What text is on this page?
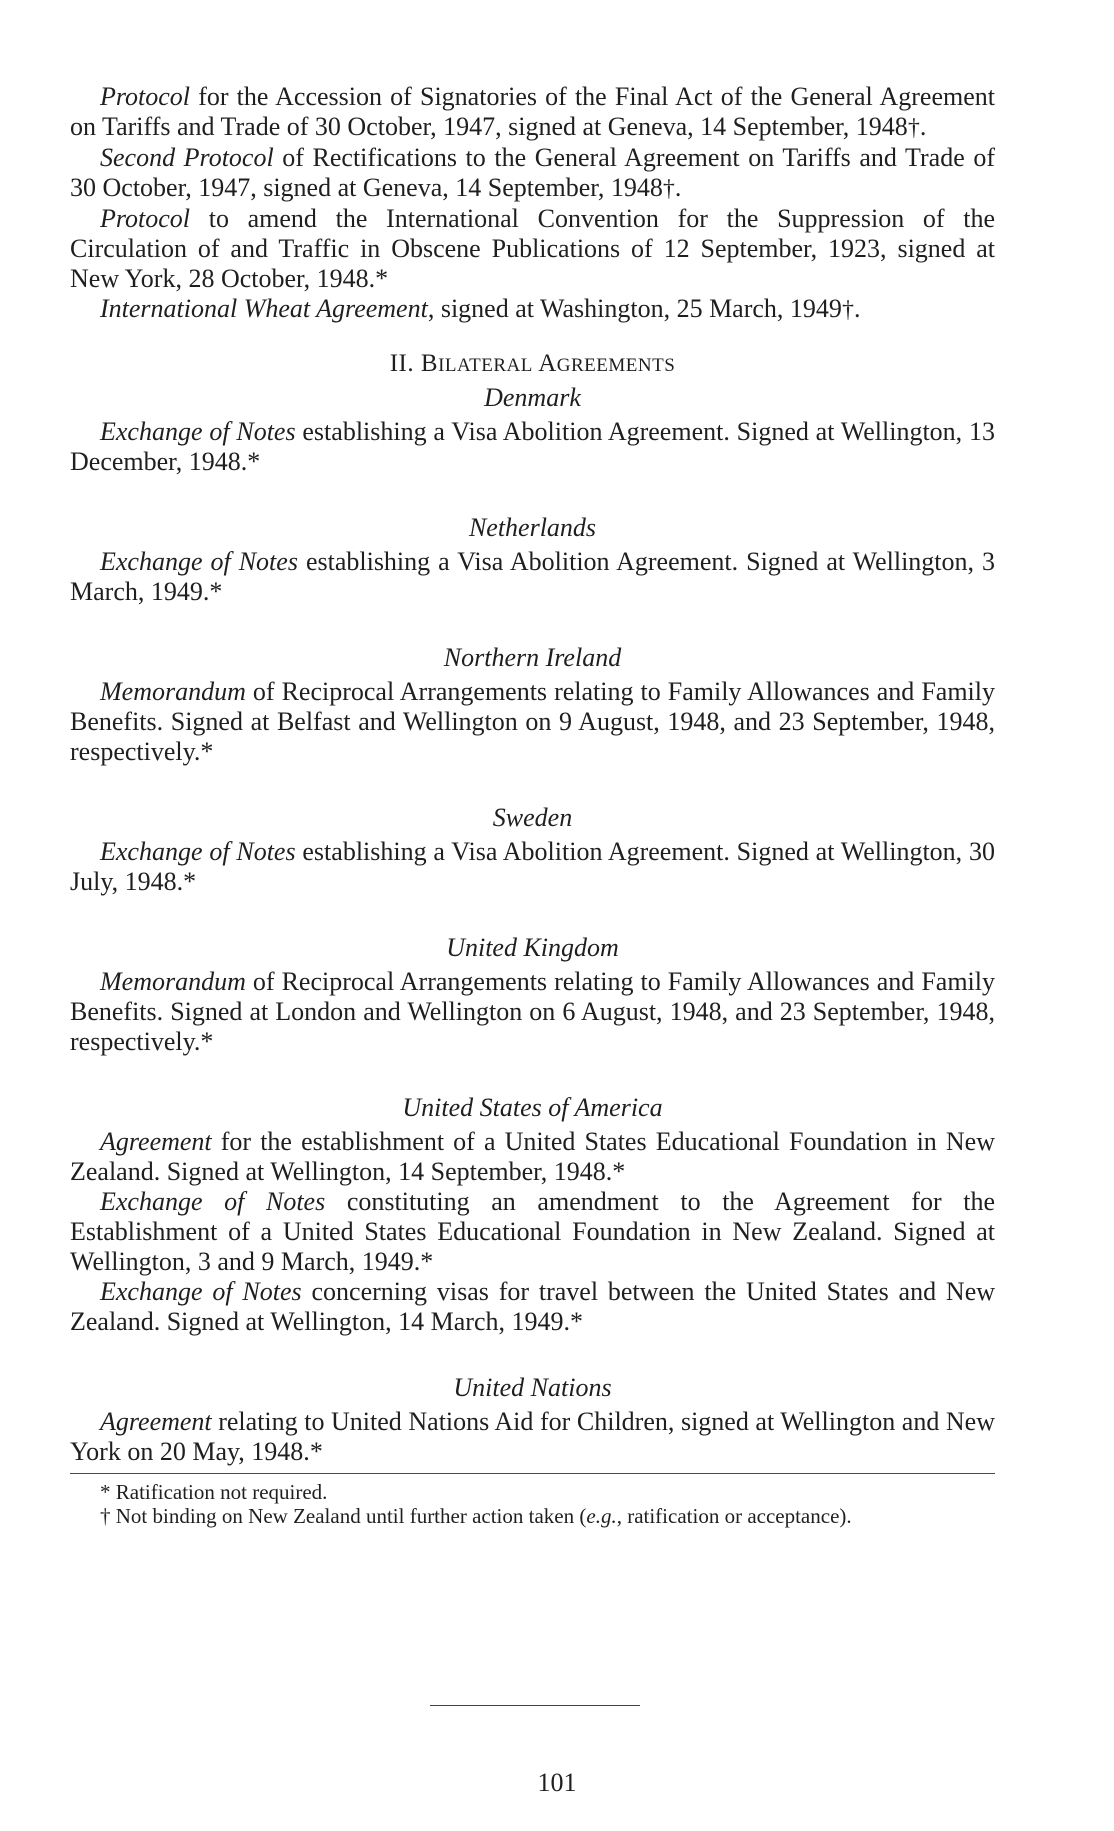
Protocol for the Accession of Signatories of the Final Act of the General Agreement on Tariffs and Trade of 30 October, 1947, signed at Geneva, 14 September, 1948†.

Second Protocol of Rectifications to the General Agreement on Tariffs and Trade of 30 October, 1947, signed at Geneva, 14 September, 1948†.

Protocol to amend the International Convention for the Suppression of the Circulation of and Traffic in Obscene Publications of 12 September, 1923, signed at New York, 28 October, 1948.*

International Wheat Agreement, signed at Washington, 25 March, 1949†.

II. BILATERAL AGREEMENTS

Denmark

Exchange of Notes establishing a Visa Abolition Agreement. Signed at Wellington, 13 December, 1948.*

Netherlands

Exchange of Notes establishing a Visa Abolition Agreement. Signed at Wellington, 3 March, 1949.*

Northern Ireland

Memorandum of Reciprocal Arrangements relating to Family Allowances and Family Benefits. Signed at Belfast and Wellington on 9 August, 1948, and 23 September, 1948, respectively.*

Sweden

Exchange of Notes establishing a Visa Abolition Agreement. Signed at Wellington, 30 July, 1948.*

United Kingdom

Memorandum of Reciprocal Arrangements relating to Family Allowances and Family Benefits. Signed at London and Wellington on 6 August, 1948, and 23 September, 1948, respectively.*

United States of America

Agreement for the establishment of a United States Educational Foundation in New Zealand. Signed at Wellington, 14 September, 1948.*

Exchange of Notes constituting an amendment to the Agreement for the Establishment of a United States Educational Foundation in New Zealand. Signed at Wellington, 3 and 9 March, 1949.*

Exchange of Notes concerning visas for travel between the United States and New Zealand. Signed at Wellington, 14 March, 1949.*

United Nations

Agreement relating to United Nations Aid for Children, signed at Wellington and New York on 20 May, 1948.*

* Ratification not required.

† Not binding on New Zealand until further action taken (e.g., ratification or acceptance).

101
